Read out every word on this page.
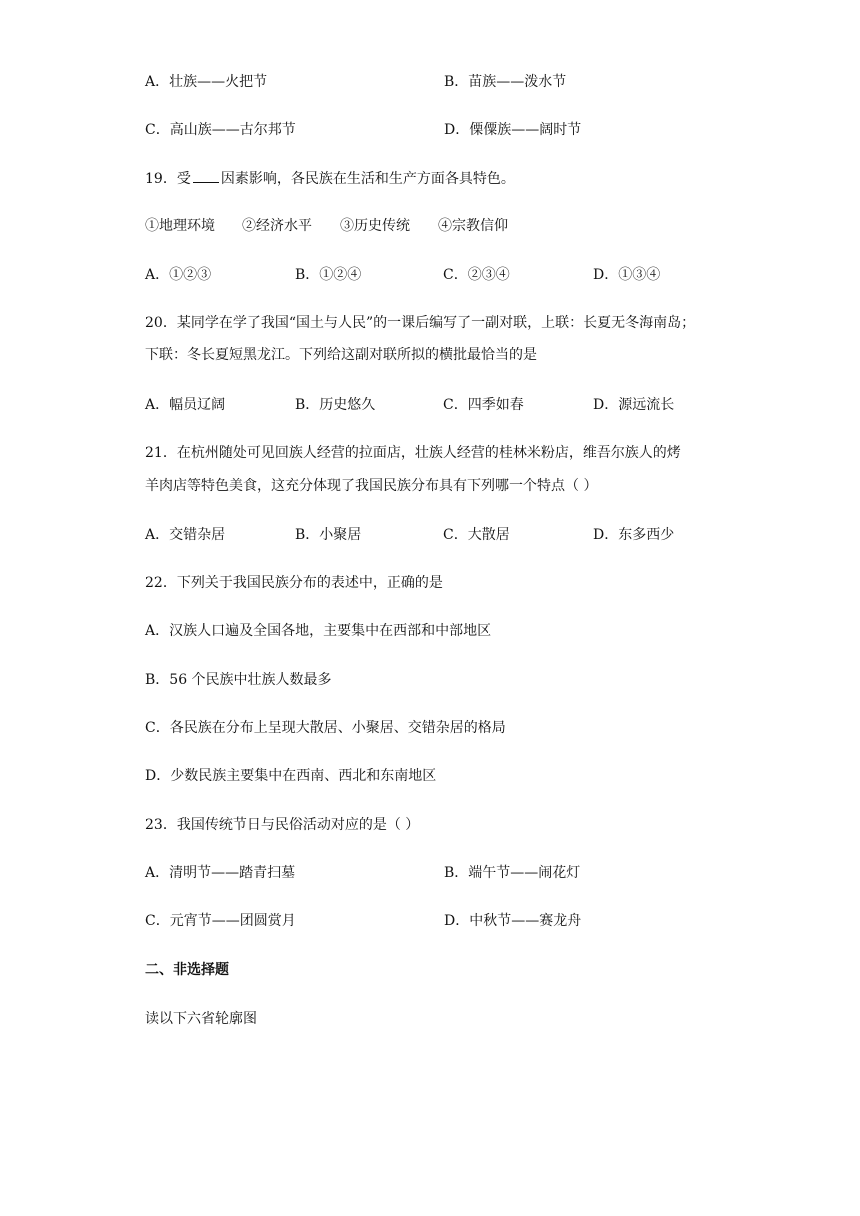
A．壮族——火把节	B．苗族——泼水节
C．高山族——古尔邦节	D．傈僳族——阔时节
19．受 因素影响，各民族在生活和生产方面各具特色。
①地理环境 ②经济水平 ③历史传统 ④宗教信仰
A．①②③	B．①②④	C．②③④	D．①③④
20．某同学在学了我国“国土与人民”的一课后编写了一副对联，上联：长夏无冬海南岛；
下联：冬长夏短黑龙江。下列给这副对联所拟的横批最恰当的是
A．幅员辽阔	B．历史悠久	C．四季如春	D．源远流长
21．在杭州随处可见回族人经营的拉面店，壮族人经营的桂林米粉店，维吾尔族人的烤
羊肉店等特色美食，这充分体现了我国民族分布具有下列哪一个特点（ ）
A．交错杂居	B．小聚居	C．大散居	D．东多西少
22．下列关于我国民族分布的表述中，正确的是
A．汉族人口遍及全国各地，主要集中在西部和中部地区
B．56 个民族中壮族人数最多
C．各民族在分布上呈现大散居、小聚居、交错杂居的格局
D．少数民族主要集中在西南、西北和东南地区
23．我国传统节日与民俗活动对应的是（ ）
A．清明节——踏青扫墓	B．端午节——闹花灯
C．元宵节——团圆赏月	D．中秋节——赛龙舟
二、非选择题
读以下六省轮廓图
